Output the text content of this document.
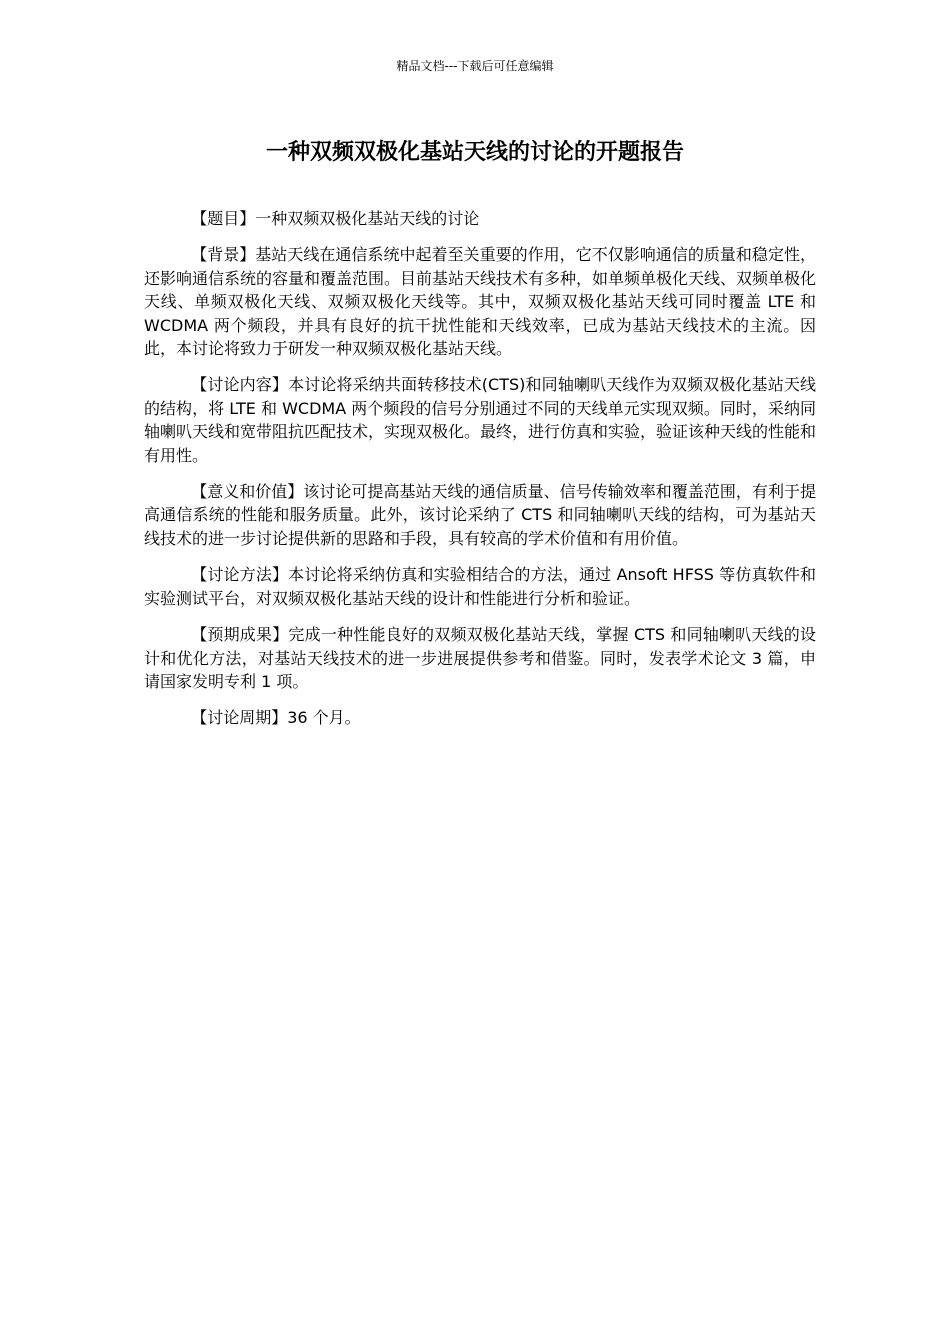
精品文档---下载后可任意编辑
一种双频双极化基站天线的讨论的开题报告

【题目】一种双频双极化基站天线的讨论

【背景】基站天线在通信系统中起着至关重要的作用，它不仅影响通信的质量和稳定性，还影响通信系统的容量和覆盖范围。目前基站天线技术有多种，如单频单极化天线、双频单极化天线、单频双极化天线、双频双极化天线等。其中，双频双极化基站天线可同时覆盖 LTE 和 WCDMA 两个频段，并具有良好的抗干扰性能和天线效率，已成为基站天线技术的主流。因此，本讨论将致力于研发一种双频双极化基站天线。

【讨论内容】本讨论将采纳共面转移技术(CTS)和同轴喇叭天线作为双频双极化基站天线的结构，将 LTE 和 WCDMA 两个频段的信号分别通过不同的天线单元实现双频。同时，采纳同轴喇叭天线和宽带阻抗匹配技术，实现双极化。最终，进行仿真和实验，验证该种天线的性能和有用性。

【意义和价值】该讨论可提高基站天线的通信质量、信号传输效率和覆盖范围，有利于提高通信系统的性能和服务质量。此外，该讨论采纳了 CTS 和同轴喇叭天线的结构，可为基站天线技术的进一步讨论提供新的思路和手段，具有较高的学术价值和有用价值。

【讨论方法】本讨论将采纳仿真和实验相结合的方法，通过 Ansoft HFSS 等仿真软件和实验测试平台，对双频双极化基站天线的设计和性能进行分析和验证。

【预期成果】完成一种性能良好的双频双极化基站天线，掌握 CTS 和同轴喇叭天线的设计和优化方法，对基站天线技术的进一步进展提供参考和借鉴。同时，发表学术论文 3 篇，申请国家发明专利 1 项。

【讨论周期】36 个月。
